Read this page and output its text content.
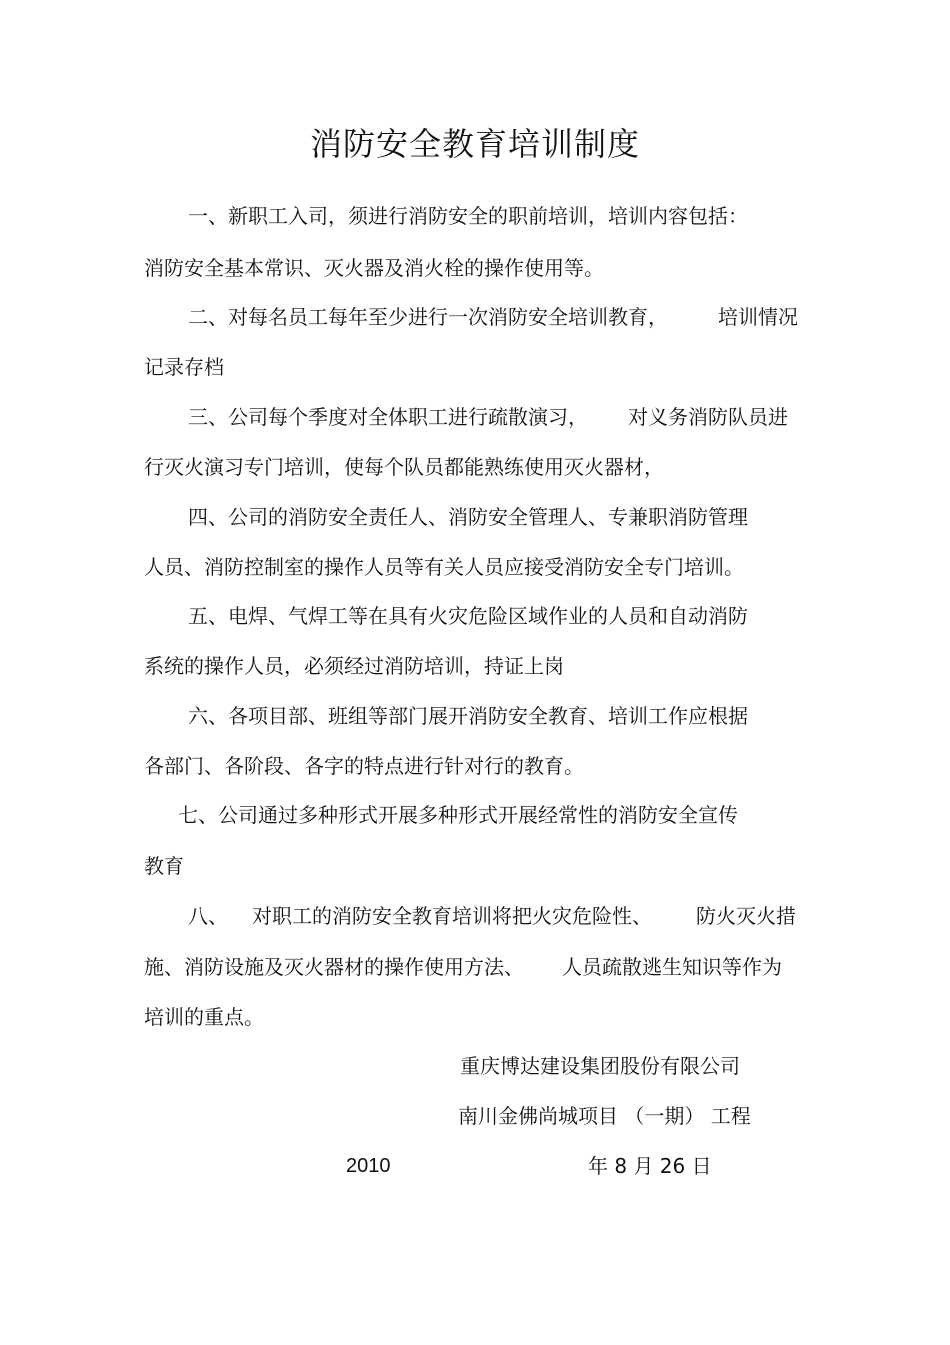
消防安全教育培训制度
一、新职工入司，须进行消防安全的职前培训，培训内容包括：
消防安全基本常识、灭火器及消火栓的操作使用等。
二、对每名员工每年至少进行一次消防安全培训教育，	培训情况
记录存档
三、公司每个季度对全体职工进行疏散演习， 对义务消防队员进
行灭火演习专门培训，使每个队员都能熟练使用灭火器材，
四、公司的消防安全责任人、消防安全管理人、专兼职消防管理
人员、消防控制室的操作人员等有关人员应接受消防安全专门培训。
五、电焊、气焊工等在具有火灾危险区域作业的人员和自动消防
系统的操作人员，必须经过消防培训，持证上岗
六、各项目部、班组等部门展开消防安全教育、培训工作应根据
各部门、各阶段、各字的特点进行针对行的教育。
七、公司通过多种形式开展多种形式开展经常性的消防安全宣传
教育
八、 对职工的消防安全教育培训将把火灾危险性、 防火灭火措
施、消防设施及灭火器材的操作使用方法、 人员疏散逃生知识等作为
培训的重点。
重庆博达建设集团股份有限公司
南川金佛尚城项目 （一期） 工程
2010	年 8 月 26 日
